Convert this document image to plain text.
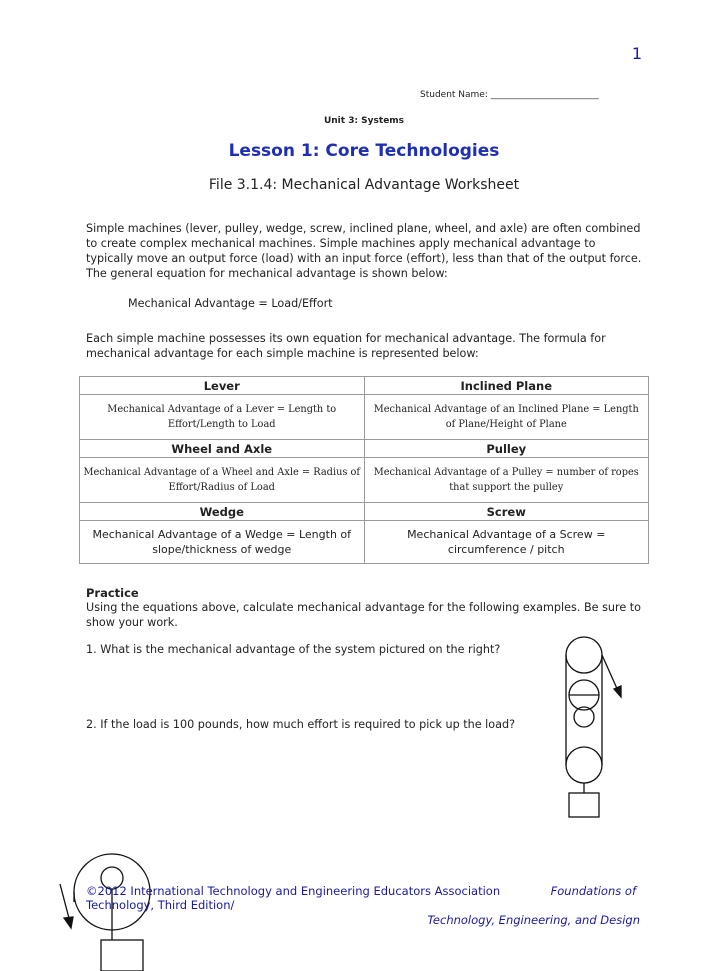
1
Student Name: ________________________
Unit 3: Systems
Lesson 1: Core Technologies
File 3.1.4: Mechanical Advantage Worksheet
Simple machines (lever, pulley, wedge, screw, inclined plane, wheel, and axle) are often combined to create complex mechanical machines. Simple machines apply mechanical advantage to typically move an output force (load) with an input force (effort), less than that of the output force. The general equation for mechanical advantage is shown below:
Mechanical Advantage = Load/Effort
Each simple machine possesses its own equation for mechanical advantage. The formula for mechanical advantage for each simple machine is represented below:
Lever	Inclined Plane
Mechanical Advantage of a Lever = Length to Effort/Length to Load	Mechanical Advantage of an Inclined Plane = Length of Plane/Height of Plane
Wheel and Axle	Pulley
Mechanical Advantage of a Wheel and Axle = Radius of Effort/Radius of Load	Mechanical Advantage of a Pulley = number of ropes that support the pulley
Wedge	Screw
Mechanical Advantage of a Wedge = Length of slope/thickness of wedge	Mechanical Advantage of a Screw = circumference / pitch
Practice
Using the equations above, calculate mechanical advantage for the following examples. Be sure to show your work.
1. What is the mechanical advantage of the system pictured on the right?
2. If the load is 100 pounds, how much effort is required to pick up the load?
©2012 International Technology and Engineering Educators Association Technology, Third Edition/
Foundations of
Technology, Engineering, and Design
